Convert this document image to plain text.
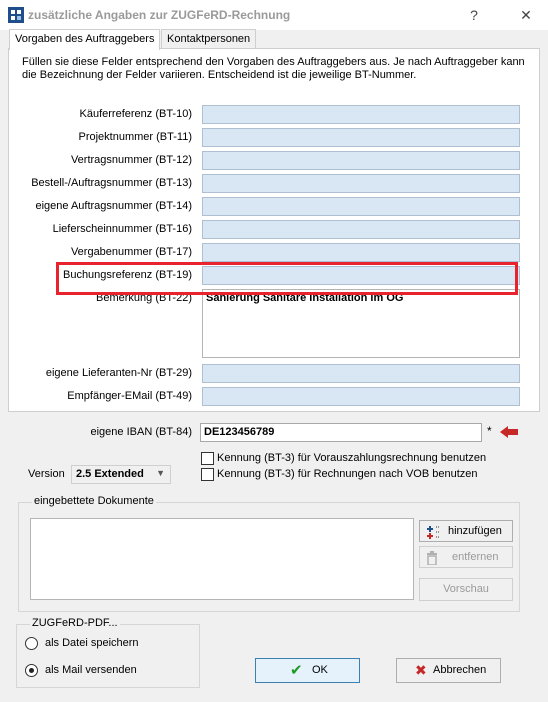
zusätzliche Angaben zur ZUGFeRD-Rechnung	?	✕
Vorgaben des Auftraggebers	Kontaktpersonen
Füllen sie diese Felder entsprechend den Vorgaben des Auftraggebers aus. Je nach Auftraggeber kann die Bezeichnung der Felder variieren. Entscheidend ist die jeweilige BT-Nummer.
Käuferreferenz (BT-10)
Projektnummer (BT-11)
Vertragsnummer (BT-12)
Bestell-/Auftragsnummer (BT-13)
eigene Auftragsnummer (BT-14)
Lieferscheinnummer (BT-16)
Vergabenummer (BT-17)
Buchungsreferenz (BT-19)
Bemerkung (BT-22)	Sanierung Sanitäre Installation im OG
eigene Lieferanten-Nr (BT-29)
Empfänger-EMail (BT-49)
eigene IBAN (BT-84)	DE123456789	*
Kennung (BT-3) für Vorauszahlungsrechnung benutzen
Kennung (BT-3) für Rechnungen nach VOB benutzen
Version	2.5 Extended ▼
eingebettete Dokumente
hinzufügen
entfernen
Vorschau
ZUGFeRD-PDF...
als Datei speichern
als Mail versenden	✔ OK	✖ Abbrechen
